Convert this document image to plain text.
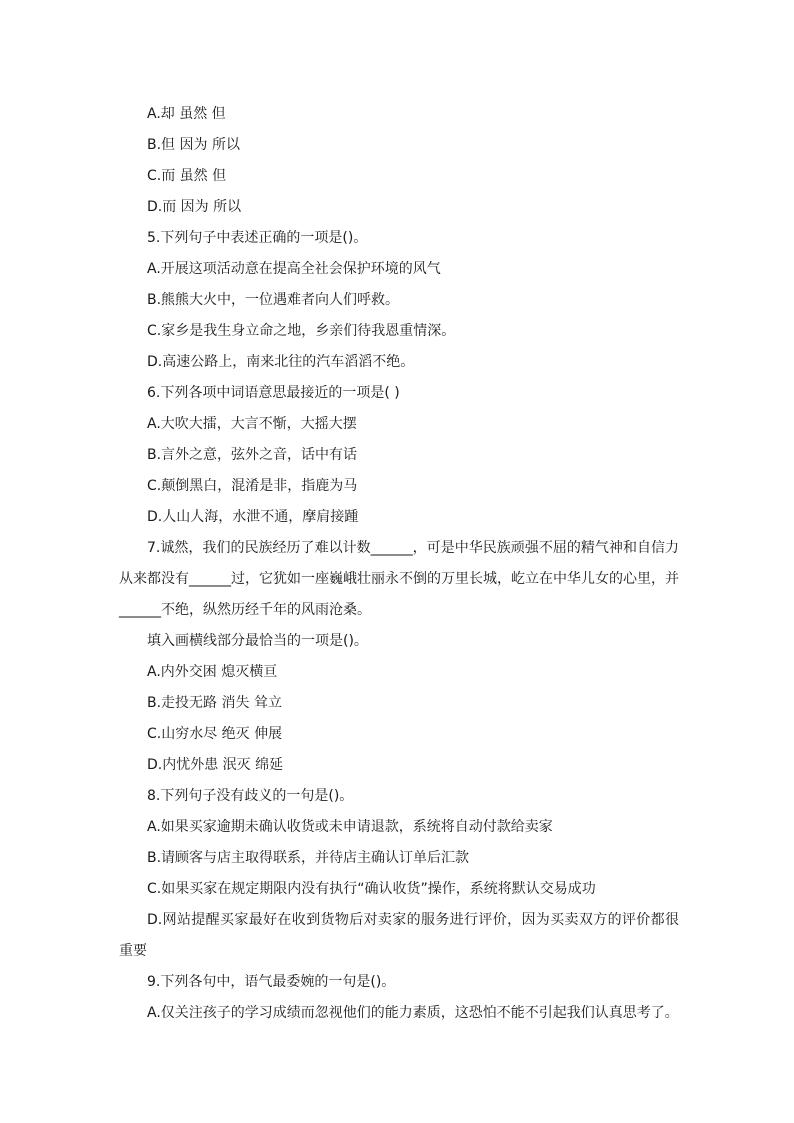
A.却 虽然 但

B.但 因为 所以

C.而 虽然 但

D.而 因为 所以

5.下列句子中表述正确的一项是()。

A.开展这项活动意在提高全社会保护环境的风气

B.熊熊大火中，一位遇难者向人们呼救。

C.家乡是我生身立命之地，乡亲们待我恩重情深。

D.高速公路上，南来北往的汽车滔滔不绝。

6.下列各项中词语意思最接近的一项是( )

A.大吹大擂，大言不惭，大摇大摆

B.言外之意，弦外之音，话中有话

C.颠倒黑白，混淆是非，指鹿为马

D.人山人海，水泄不通，摩肩接踵

7.诚然，我们的民族经历了难以计数______，可是中华民族顽强不屈的精气神和自信力从来都没有______过，它犹如一座巍峨壮丽永不倒的万里长城，屹立在中华儿女的心里，并______不绝，纵然历经千年的风雨沧桑。

填入画横线部分最恰当的一项是()。

A.内外交困 熄灭横亘

B.走投无路 消失 耸立

C.山穷水尽 绝灭 伸展

D.内忧外患 泯灭 绵延

8.下列句子没有歧义的一句是()。

A.如果买家逾期未确认收货或未申请退款，系统将自动付款给卖家

B.请顾客与店主取得联系，并待店主确认订单后汇款

C.如果买家在规定期限内没有执行“确认收货”操作，系统将默认交易成功

D.网站提醒买家最好在收到货物后对卖家的服务进行评价，因为买卖双方的评价都很重要

9.下列各句中，语气最委婉的一句是()。

A.仅关注孩子的学习成绩而忽视他们的能力素质，这恐怕不能不引起我们认真思考了。
